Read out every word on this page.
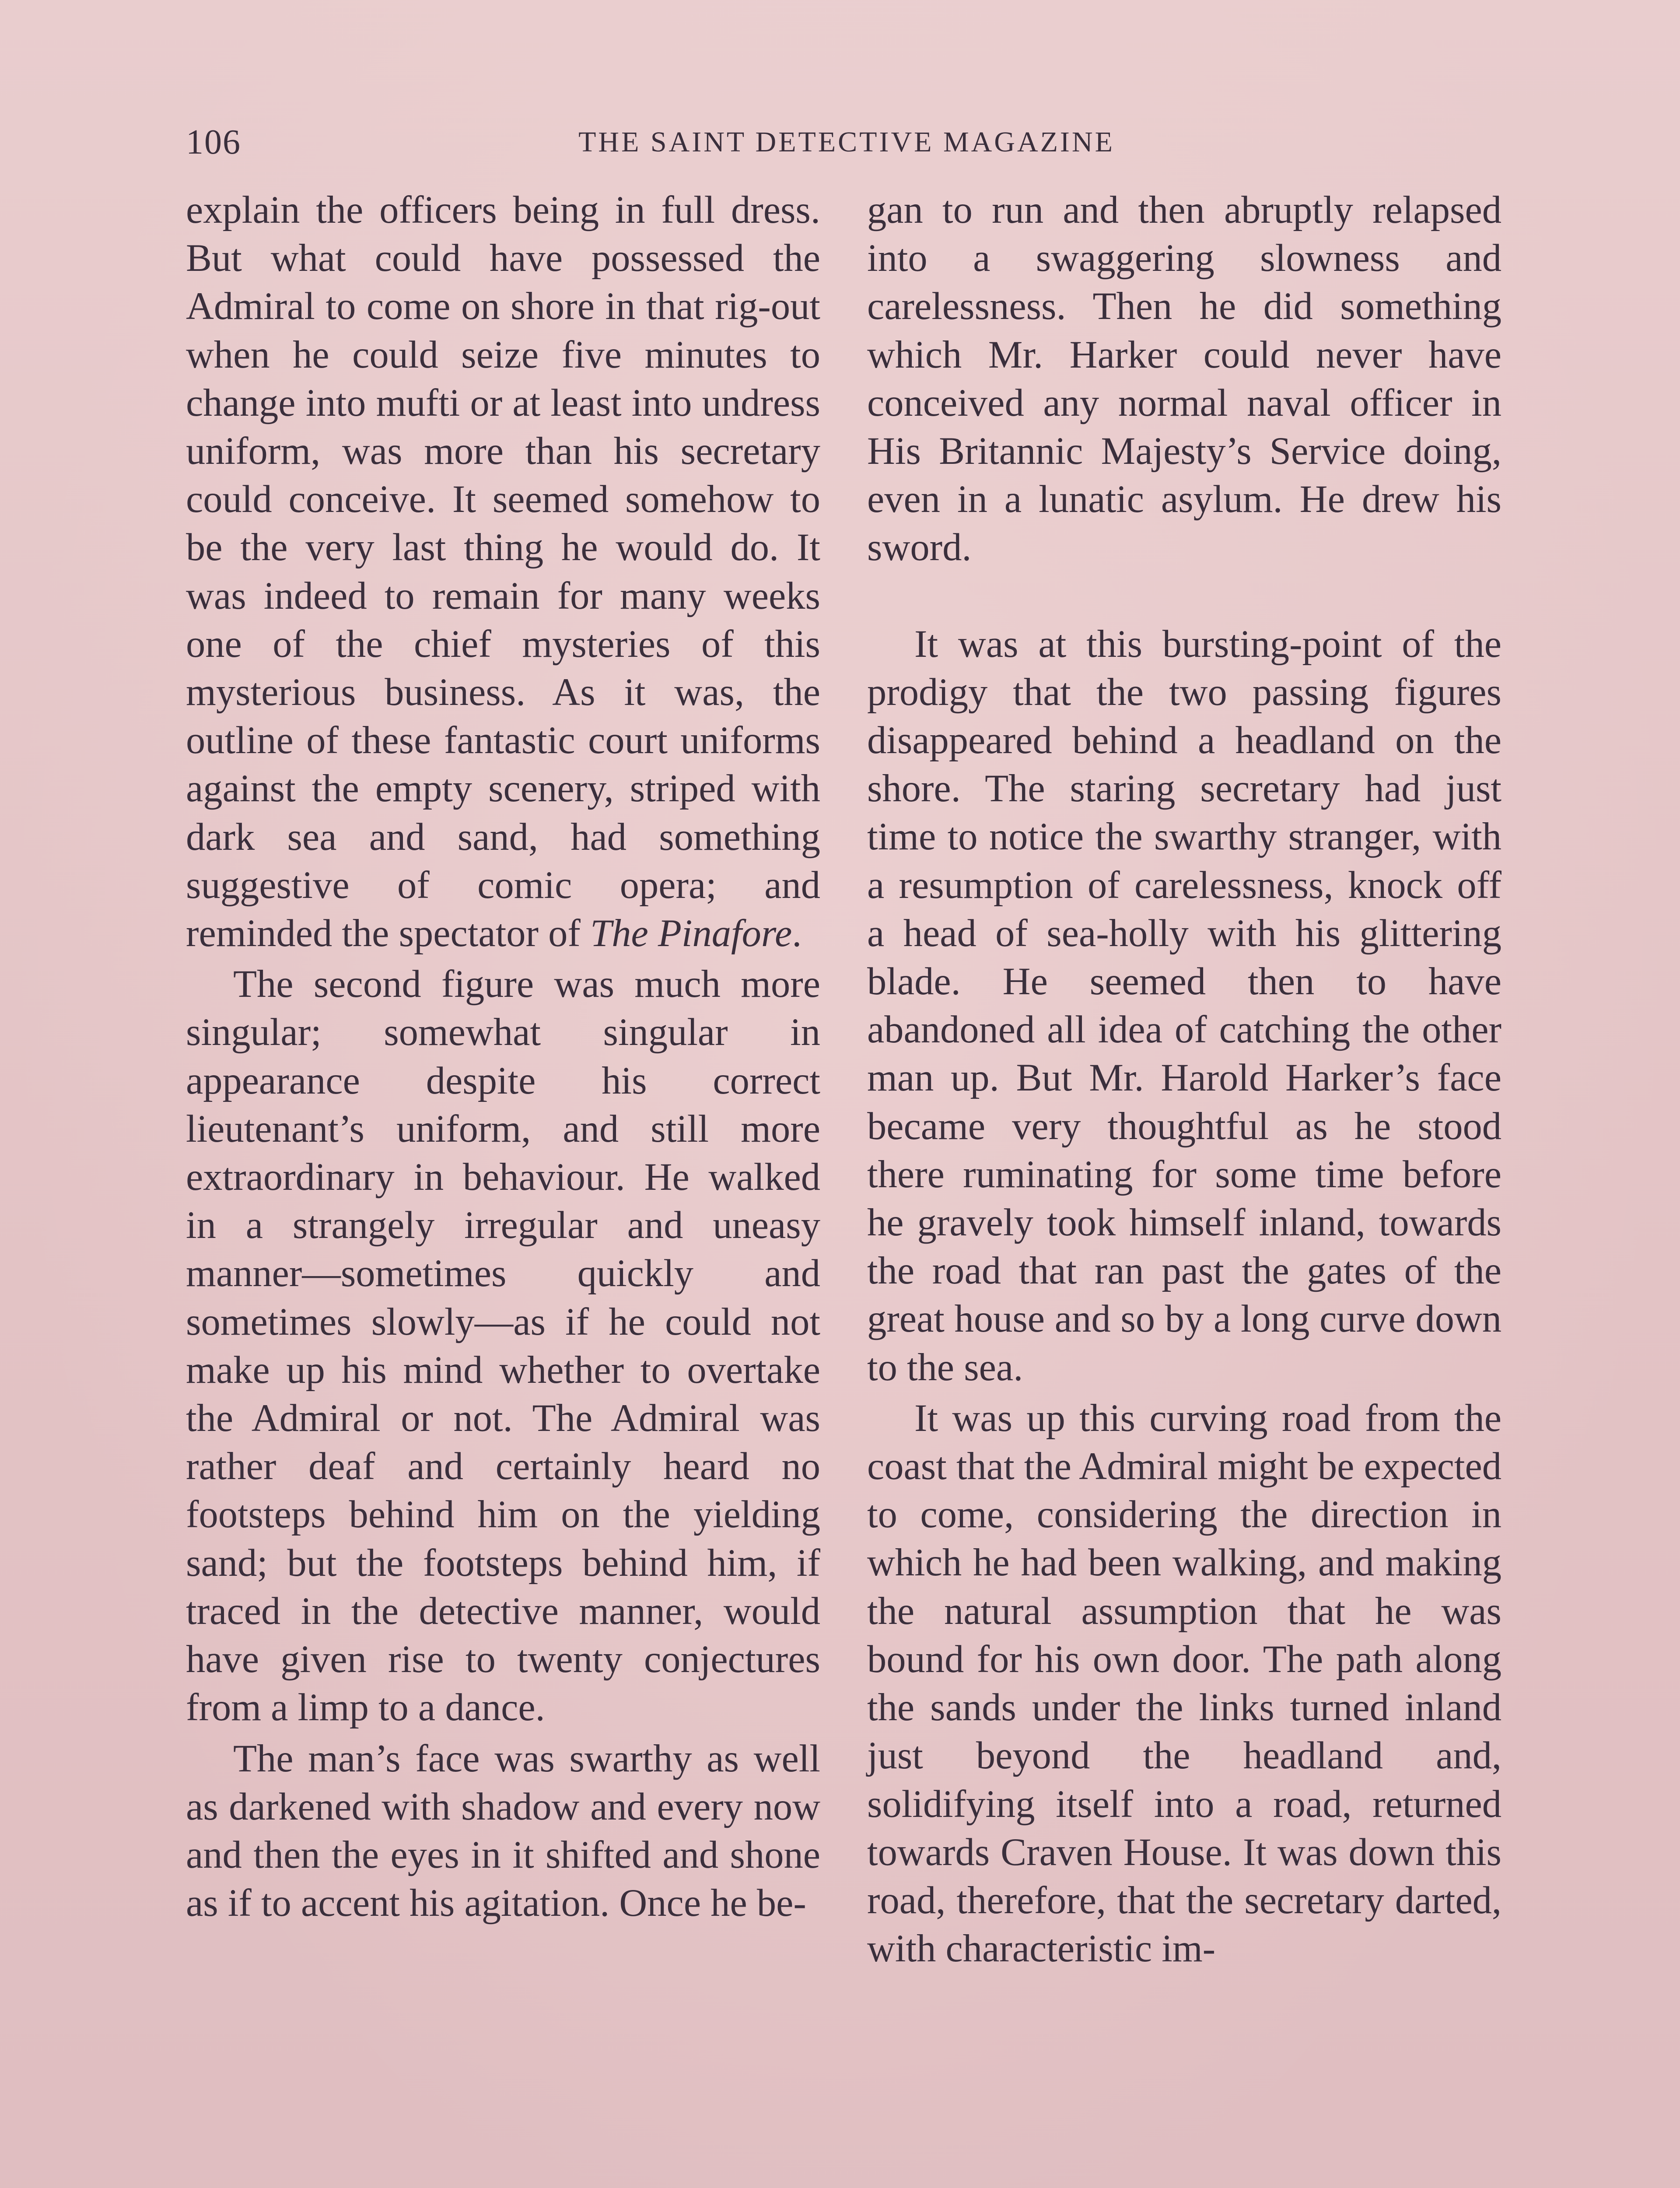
106	THE SAINT DETECTIVE MAGAZINE

explain the officers being in full dress. But what could have possessed the Admiral to come on shore in that rig-out when he could seize five minutes to change into mufti or at least into undress uniform, was more than his secretary could conceive. It seemed somehow to be the very last thing he would do. It was indeed to remain for many weeks one of the chief mysteries of this mysterious business. As it was, the outline of these fantastic court uniforms against the empty scenery, striped with dark sea and sand, had something suggestive of comic opera; and reminded the spectator of The Pinafore.

The second figure was much more singular; somewhat singular in appearance despite his correct lieutenant’s uniform, and still more extraordinary in behaviour. He walked in a strangely irregular and uneasy manner—sometimes quickly and sometimes slowly—as if he could not make up his mind whether to overtake the Admiral or not. The Admiral was rather deaf and certainly heard no footsteps behind him on the yielding sand; but the footsteps behind him, if traced in the detective manner, would have given rise to twenty conjectures from a limp to a dance.

The man’s face was swarthy as well as darkened with shadow and every now and then the eyes in it shifted and shone as if to accent his agitation. Once he be-

gan to run and then abruptly relapsed into a swaggering slowness and carelessness. Then he did something which Mr. Harker could never have conceived any normal naval officer in His Britannic Majesty’s Service doing, even in a lunatic asylum. He drew his sword.

It was at this bursting-point of the prodigy that the two passing figures disappeared behind a headland on the shore. The staring secretary had just time to notice the swarthy stranger, with a resumption of carelessness, knock off a head of sea-holly with his glittering blade. He seemed then to have abandoned all idea of catching the other man up. But Mr. Harold Harker’s face became very thoughtful as he stood there ruminating for some time before he gravely took himself inland, towards the road that ran past the gates of the great house and so by a long curve down to the sea.

It was up this curving road from the coast that the Admiral might be expected to come, considering the direction in which he had been walking, and making the natural assumption that he was bound for his own door. The path along the sands under the links turned inland just beyond the headland and, solidifying itself into a road, returned towards Craven House. It was down this road, therefore, that the secretary darted, with characteristic im-
